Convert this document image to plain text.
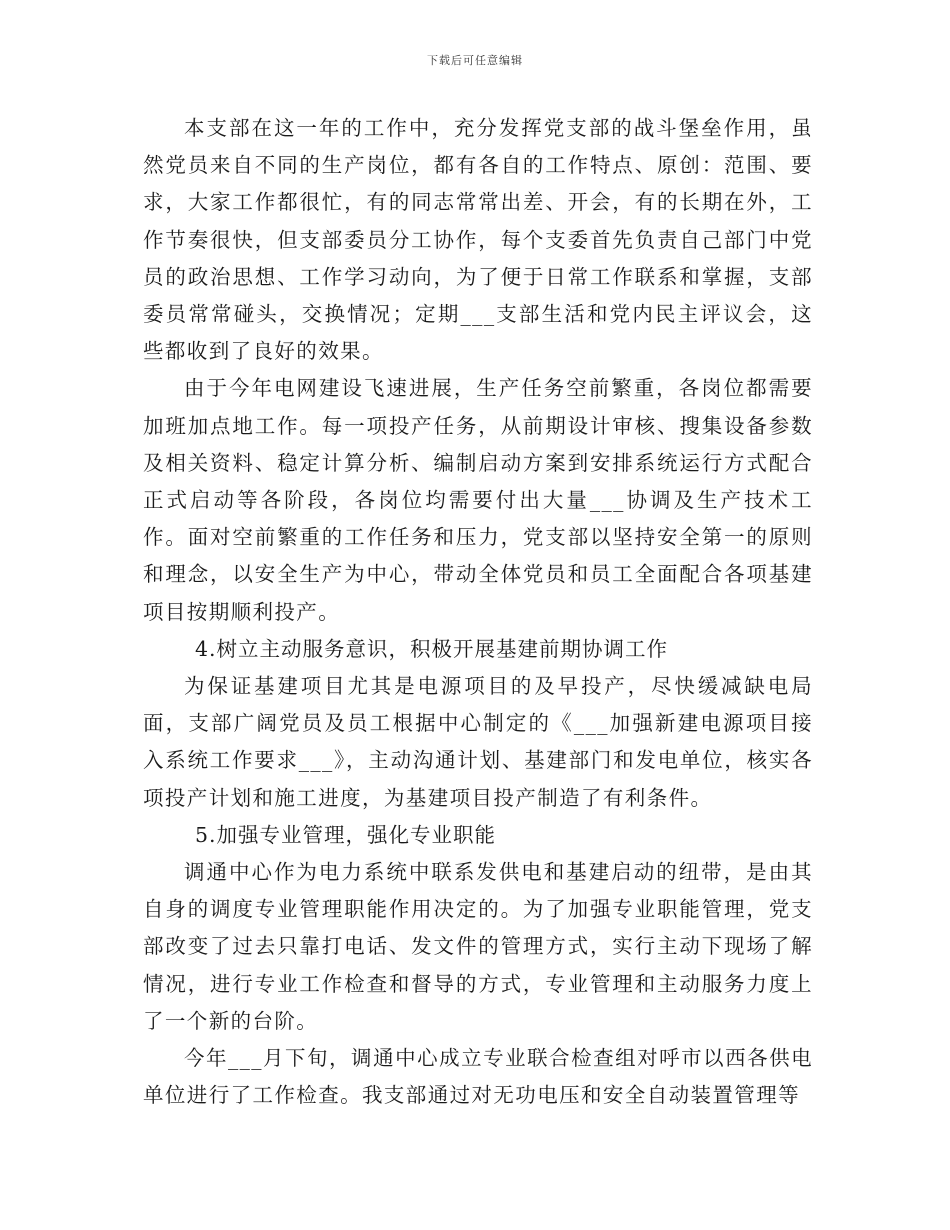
下载后可任意编辑

本支部在这一年的工作中，充分发挥党支部的战斗堡垒作用，虽然党员来自不同的生产岗位，都有各自的工作特点、原创：范围、要求，大家工作都很忙，有的同志常常出差、开会，有的长期在外，工作节奏很快，但支部委员分工协作，每个支委首先负责自己部门中党员的政治思想、工作学习动向，为了便于日常工作联系和掌握，支部委员常常碰头，交换情况；定期___支部生活和党内民主评议会，这些都收到了良好的效果。

由于今年电网建设飞速进展，生产任务空前繁重，各岗位都需要加班加点地工作。每一项投产任务，从前期设计审核、搜集设备参数及相关资料、稳定计算分析、编制启动方案到安排系统运行方式配合正式启动等各阶段，各岗位均需要付出大量___协调及生产技术工作。面对空前繁重的工作任务和压力，党支部以坚持安全第一的原则和理念，以安全生产为中心，带动全体党员和员工全面配合各项基建项目按期顺利投产。

4.树立主动服务意识，积极开展基建前期协调工作

为保证基建项目尤其是电源项目的及早投产，尽快缓减缺电局面，支部广阔党员及员工根据中心制定的《___加强新建电源项目接入系统工作要求___》，主动沟通计划、基建部门和发电单位，核实各项投产计划和施工进度，为基建项目投产制造了有利条件。

5.加强专业管理，强化专业职能

调通中心作为电力系统中联系发供电和基建启动的纽带，是由其自身的调度专业管理职能作用决定的。为了加强专业职能管理，党支部改变了过去只靠打电话、发文件的管理方式，实行主动下现场了解情况，进行专业工作检查和督导的方式，专业管理和主动服务力度上了一个新的台阶。

今年___月下旬，调通中心成立专业联合检查组对呼市以西各供电单位进行了工作检查。我支部通过对无功电压和安全自动装置管理等
